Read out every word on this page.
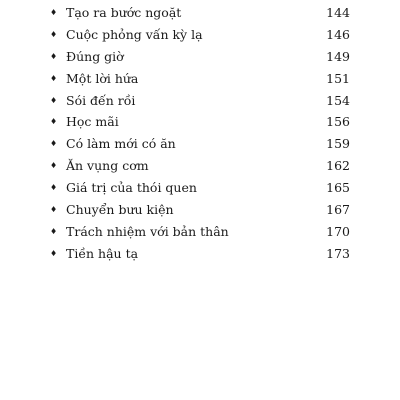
♦ Tạo ra bước ngoặt	144
♦ Cuộc phỏng vấn kỳ lạ	146
♦ Đúng giờ	149
♦ Một lời hứa	151
♦ Sói đến rồi	154
♦ Học mãi	156
♦ Có làm mới có ăn	159
♦ Ăn vụng cơm	162
♦ Giá trị của thói quen	165
♦ Chuyển bưu kiện	167
♦ Trách nhiệm với bản thân	170
♦ Tiền hậu tạ	173
